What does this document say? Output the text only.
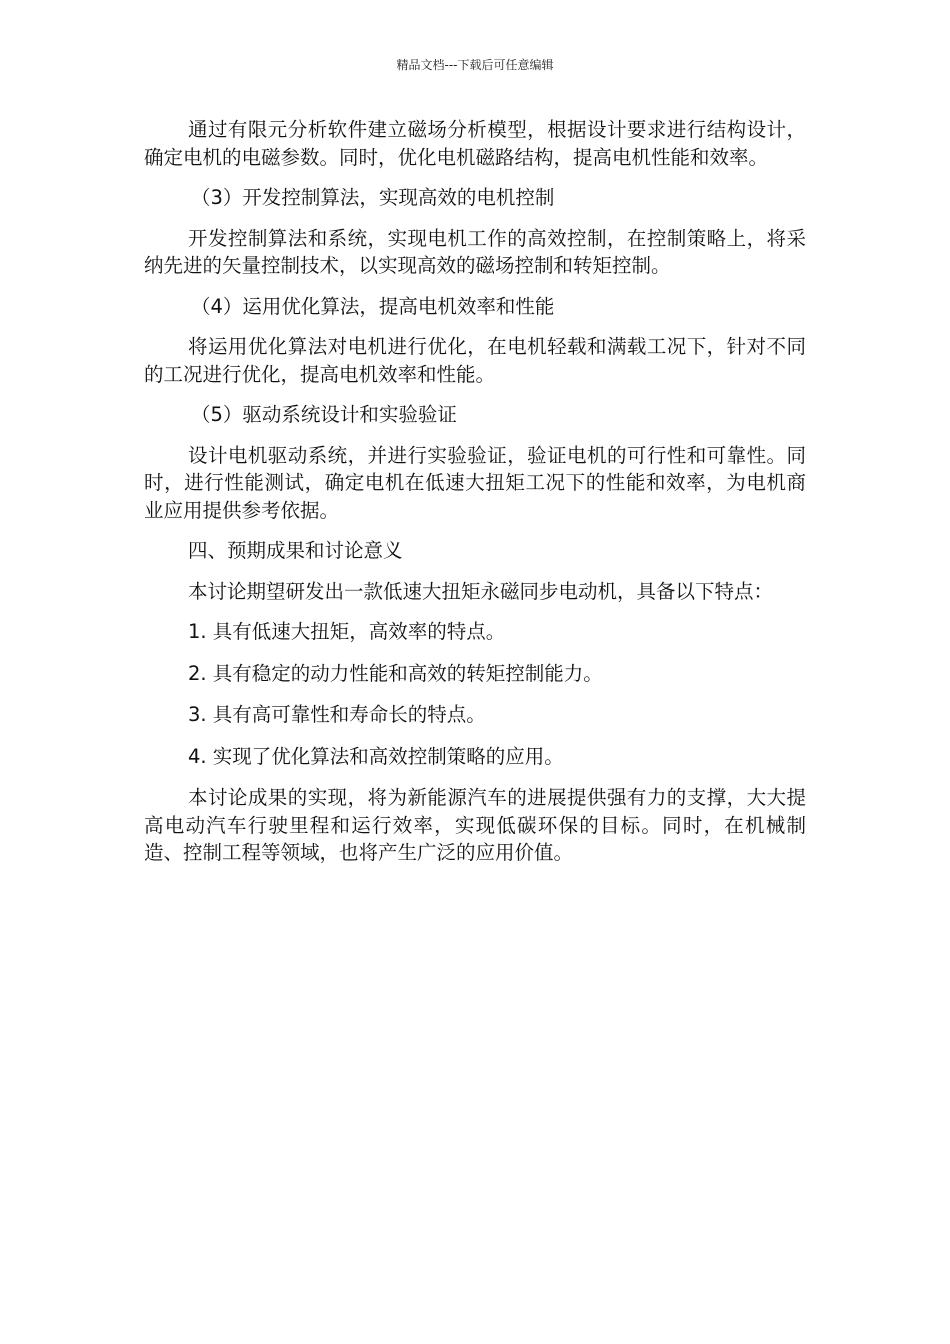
精品文档---下载后可任意编辑

通过有限元分析软件建立磁场分析模型，根据设计要求进行结构设计，确定电机的电磁参数。同时，优化电机磁路结构，提高电机性能和效率。

（3）开发控制算法，实现高效的电机控制

开发控制算法和系统，实现电机工作的高效控制，在控制策略上，将采纳先进的矢量控制技术，以实现高效的磁场控制和转矩控制。

（4）运用优化算法，提高电机效率和性能

将运用优化算法对电机进行优化，在电机轻载和满载工况下，针对不同的工况进行优化，提高电机效率和性能。

（5）驱动系统设计和实验验证

设计电机驱动系统，并进行实验验证，验证电机的可行性和可靠性。同时，进行性能测试，确定电机在低速大扭矩工况下的性能和效率，为电机商业应用提供参考依据。

四、预期成果和讨论意义

本讨论期望研发出一款低速大扭矩永磁同步电动机，具备以下特点：

1. 具有低速大扭矩，高效率的特点。

2. 具有稳定的动力性能和高效的转矩控制能力。

3. 具有高可靠性和寿命长的特点。

4. 实现了优化算法和高效控制策略的应用。

本讨论成果的实现，将为新能源汽车的进展提供强有力的支撑，大大提高电动汽车行驶里程和运行效率，实现低碳环保的目标。同时，在机械制造、控制工程等领域，也将产生广泛的应用价值。
